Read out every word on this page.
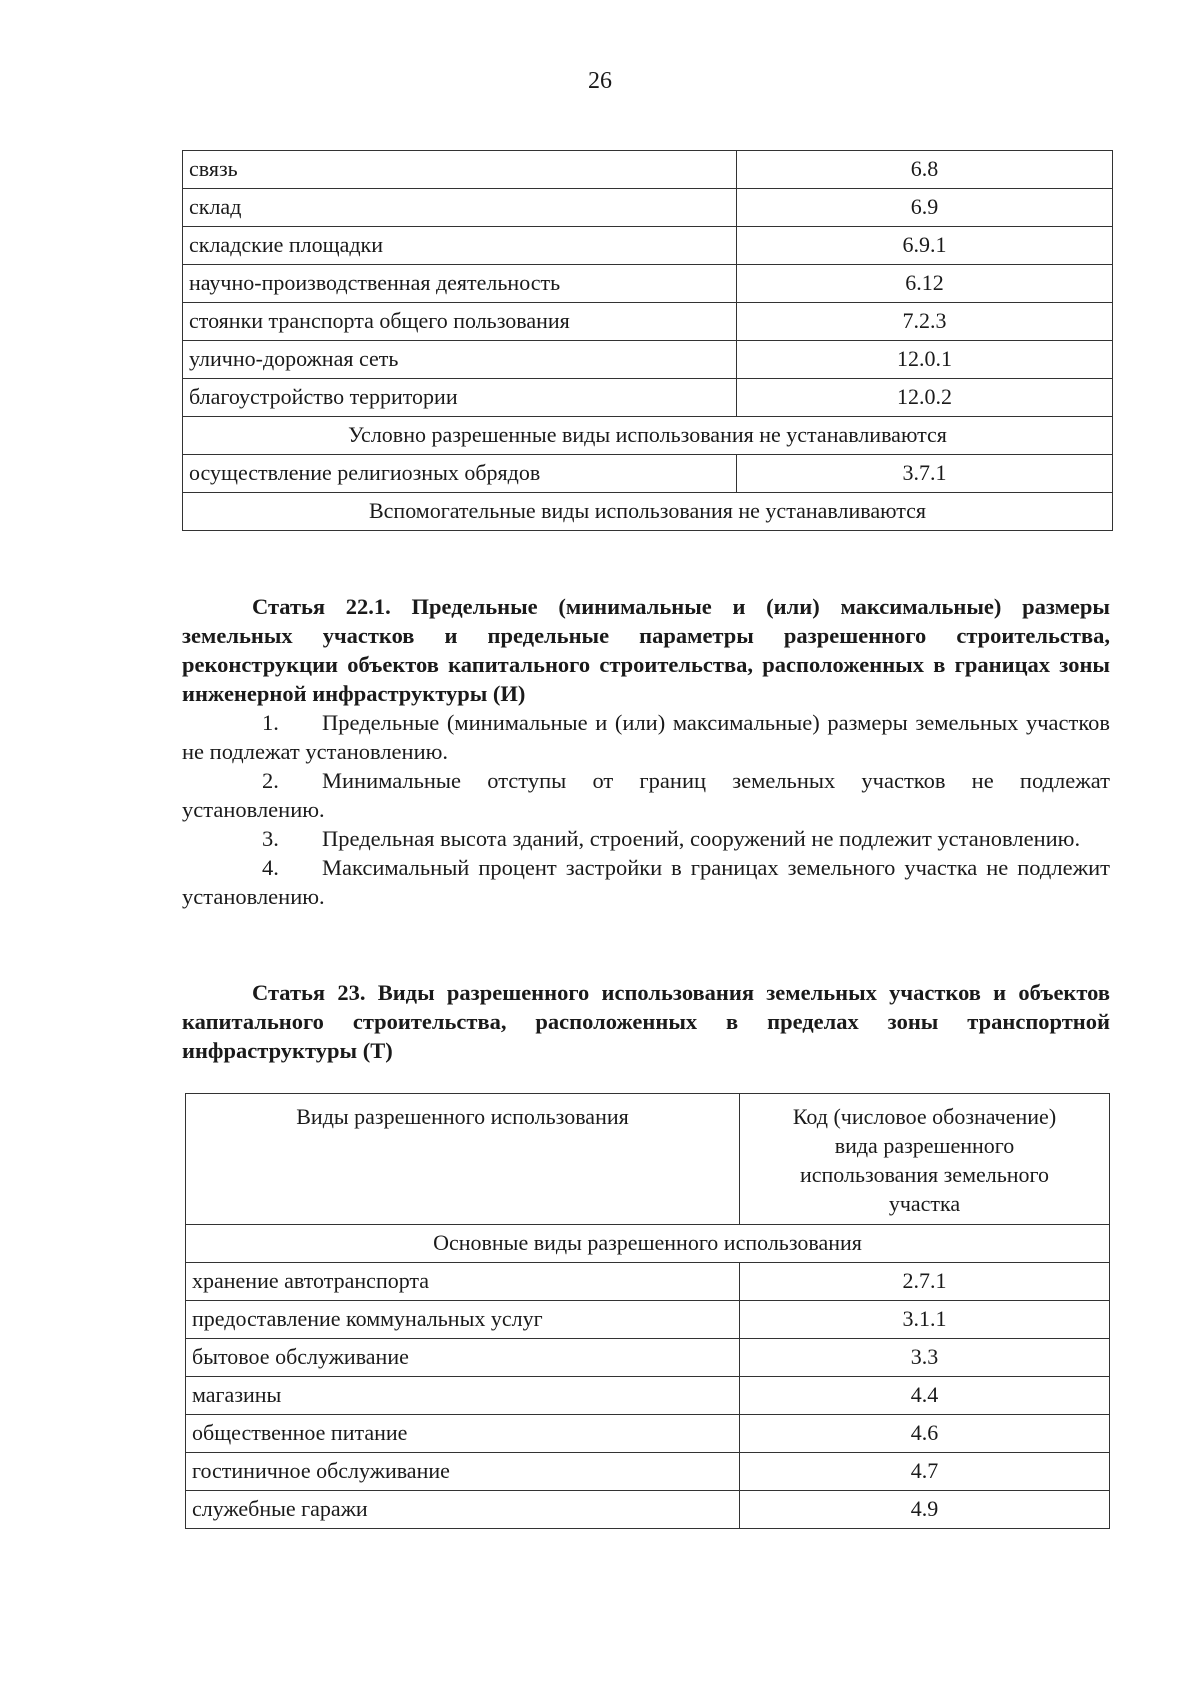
26
связь	6.8
склад	6.9
складские площадки	6.9.1
научно-производственная деятельность	6.12
стоянки транспорта общего пользования	7.2.3
улично-дорожная сеть	12.0.1
благоустройство территории	12.0.2
Условно разрешенные виды использования не устанавливаются	
осуществление религиозных обрядов	3.7.1
Вспомогательные виды использования не устанавливаются	

Статья 22.1. Предельные (минимальные и (или) максимальные) размеры земельных участков и предельные параметры разрешенного строительства, реконструкции объектов капитального строительства, расположенных в границах зоны инженерной инфраструктуры (И)

1. Предельные (минимальные и (или) максимальные) размеры земельных участков не подлежат установлению.

2. Минимальные отступы от границ земельных участков не подлежат установлению.

3. Предельная высота зданий, строений, сооружений не подлежит установлению.

4. Максимальный процент застройки в границах земельного участка не подлежит установлению.

Статья 23. Виды разрешенного использования земельных участков и объектов капитального строительства, расположенных в пределах зоны транспортной инфраструктуры (Т)

Виды разрешенного использования	Код (числовое обозначение)
вида разрешенного
использования земельного
участка

Основные виды разрешенного использования	
хранение автотранспорта	2.7.1
предоставление коммунальных услуг	3.1.1
бытовое обслуживание	3.3
магазины	4.4
общественное питание	4.6
гостиничное обслуживание	4.7
служебные гаражи	4.9
